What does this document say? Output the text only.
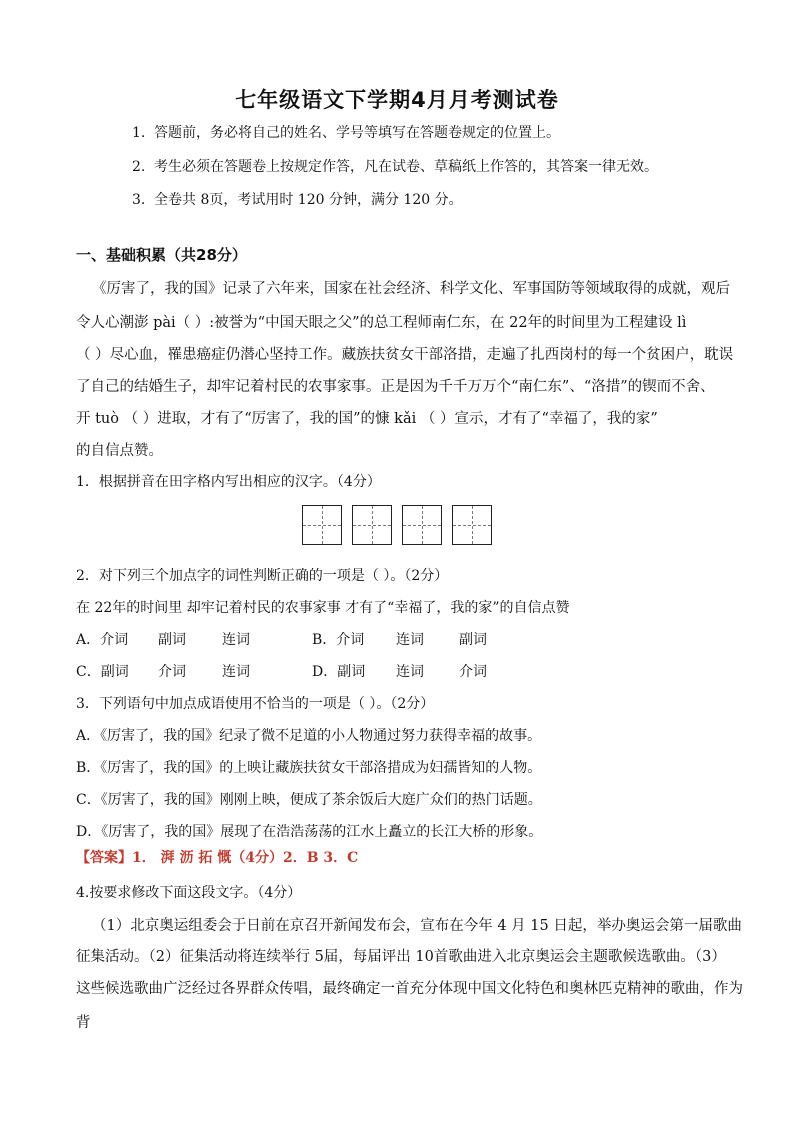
七年级语文下学期4月月考测试卷
1. 答题前，务必将自己的姓名、学号等填写在答题卷规定的位置上。
2. 考生必须在答题卷上按规定作答，凡在试卷、草稿纸上作答的，其答案一律无效。
3. 全卷共 8页，考试用时 120 分钟，满分 120 分。
一、基础积累（共28分）
《厉害了，我的国》记录了六年来，国家在社会经济、科学文化、军事国防等领域取得的成就，观后
令人心潮澎 pài（ ）:被誉为“中国天眼之父”的总工程师南仁东，在 22年的时间里为工程建设 lì
（ ）尽心血，罹患癌症仍潜心坚持工作。藏族扶贫女干部洛措，走遍了扎西岗村的每一个贫困户，耽误
了自己的结婚生子，却牢记着村民的农事家事。正是因为千千万万个“南仁东”、“洛措”的锲而不舍、
开 tuò （ ）进取，才有了“厉害了，我的国”的慷 kǎi （ ）宣示，才有了“幸福了，我的家”
的自信点赞。
1．根据拼音在田字格内写出相应的汉字。（4分）
2．对下列三个加点字的词性判断正确的一项是（ ）。（2分）
在 22年的时间里 却牢记着村民的农事家事 才有了“幸福了，我的家”的自信点赞
A．介词 副词	连词	B．介词 连词	副词
C．副词 介词	连词	D．副词 连词	介词
3．下列语句中加点成语使用不恰当的一项是（ ）。（2分）
A．《厉害了，我的国》纪录了微不足道的小人物通过努力获得幸福的故事。
B．《厉害了，我的国》的上映让藏族扶贫女干部洛措成为妇孺皆知的人物。
C．《厉害了，我的国》刚刚上映，便成了茶余饭后大庭广众们的热门话题。
D．《厉害了，我的国》展现了在浩浩荡荡的江水上矗立的长江大桥的形象。
【答案】1． 湃 沥 拓 慨（4分）2．B 3．C
4.按要求修改下面这段文字。（4分）
（1）北京奥运组委会于日前在京召开新闻发布会，宣布在今年 4 月 15 日起，举办奥运会第一届歌曲
征集活动。（2）征集活动将连续举行 5届，每届评出 10首歌曲进入北京奥运会主题歌候选歌曲。（3）
这些候选歌曲广泛经过各界群众传唱，最终确定一首充分体现中国文化特色和奥林匹克精神的歌曲，作为
背
